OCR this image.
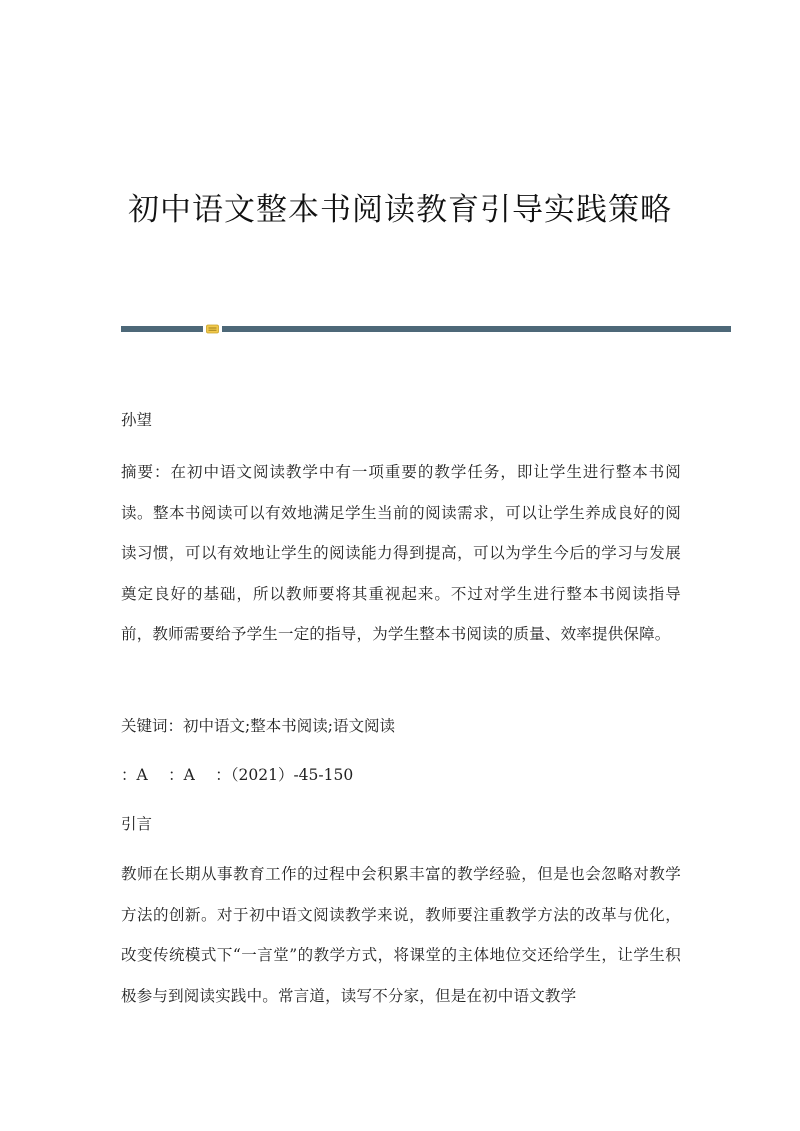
初中语文整本书阅读教育引导实践策略
孙望
摘要：在初中语文阅读教学中有一项重要的教学任务，即让学生进行整本书阅读。整本书阅读可以有效地满足学生当前的阅读需求，可以让学生养成良好的阅读习惯，可以有效地让学生的阅读能力得到提高，可以为学生今后的学习与发展奠定良好的基础，所以教师要将其重视起来。不过对学生进行整本书阅读指导前，教师需要给予学生一定的指导，为学生整本书阅读的质量、效率提供保障。
关键词：初中语文;整本书阅读;语文阅读
：A　 ：A　 ：（2021）-45-150
引言
教师在长期从事教育工作的过程中会积累丰富的教学经验，但是也会忽略对教学方法的创新。对于初中语文阅读教学来说，教师要注重教学方法的改革与优化，改变传统模式下“一言堂”的教学方式，将课堂的主体地位交还给学生，让学生积极参与到阅读实践中。常言道，读写不分家，但是在初中语文教学
